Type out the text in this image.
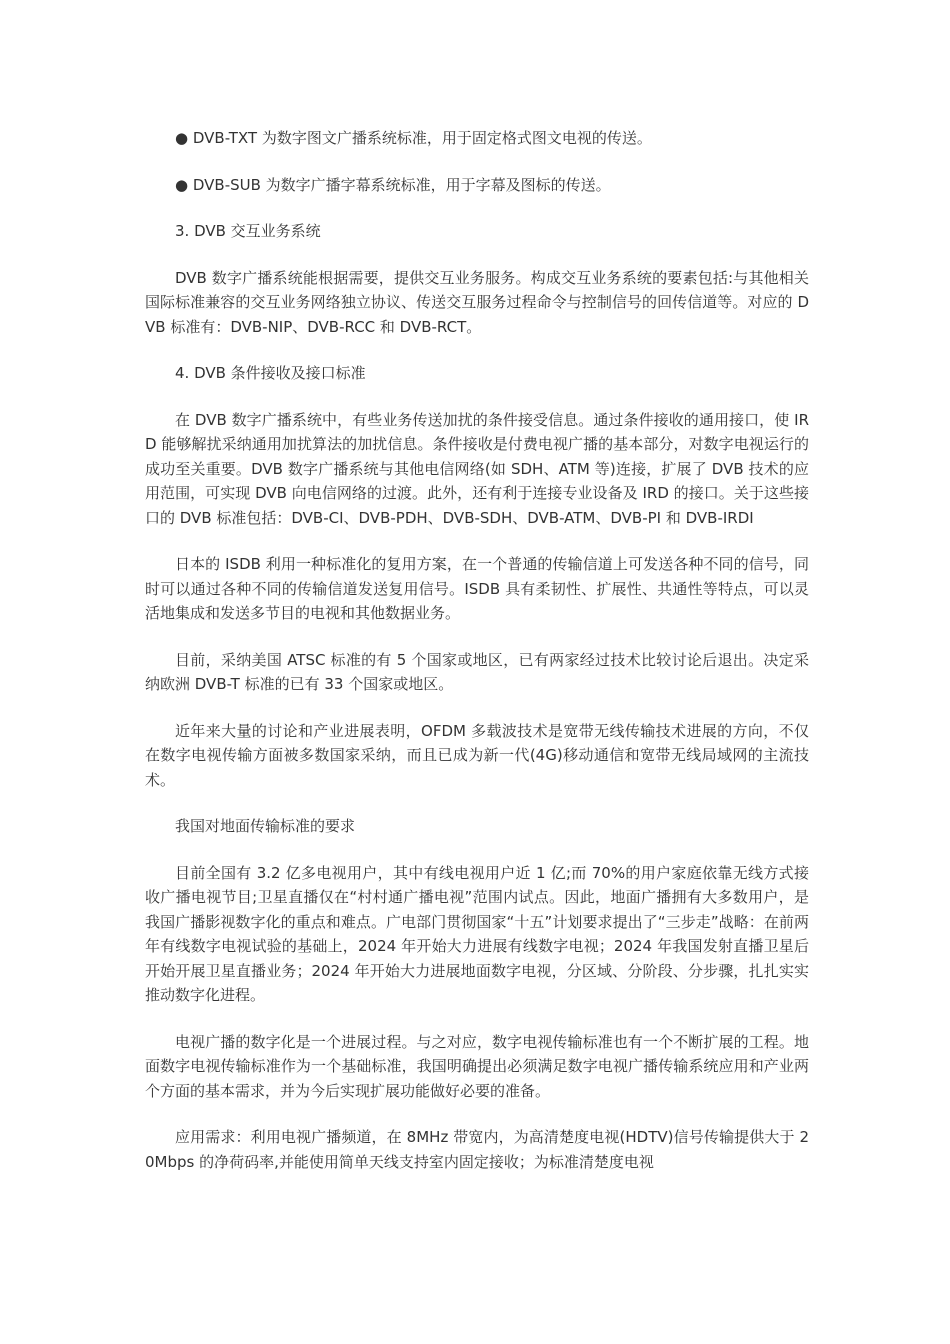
● DVB-TXT 为数字图文广播系统标准，用于固定格式图文电视的传送。

● DVB-SUB 为数字广播字幕系统标准，用于字幕及图标的传送。

3. DVB 交互业务系统

DVB 数字广播系统能根据需要，提供交互业务服务。构成交互业务系统的要素包括:与其他相关国际标准兼容的交互业务网络独立协议、传送交互服务过程命令与控制信号的回传信道等。对应的 DVB 标准有：DVB-NIP、DVB-RCC 和 DVB-RCT。

4. DVB 条件接收及接口标准

在 DVB 数字广播系统中，有些业务传送加扰的条件接受信息。通过条件接收的通用接口，使 IRD 能够解扰采纳通用加扰算法的加扰信息。条件接收是付费电视广播的基本部分，对数字电视运行的成功至关重要。DVB 数字广播系统与其他电信网络(如 SDH、ATM 等)连接，扩展了 DVB 技术的应用范围，可实现 DVB 向电信网络的过渡。此外，还有利于连接专业设备及 IRD 的接口。关于这些接口的 DVB 标准包括：DVB-CI、DVB-PDH、DVB-SDH、DVB-ATM、DVB-PI 和 DVB-IRDI

日本的 ISDB 利用一种标准化的复用方案，在一个普通的传输信道上可发送各种不同的信号，同时可以通过各种不同的传输信道发送复用信号。ISDB 具有柔韧性、扩展性、共通性等特点，可以灵活地集成和发送多节目的电视和其他数据业务。

目前，采纳美国 ATSC 标准的有 5 个国家或地区，已有两家经过技术比较讨论后退出。决定采纳欧洲 DVB-T 标准的已有 33 个国家或地区。

近年来大量的讨论和产业进展表明，OFDM 多载波技术是宽带无线传输技术进展的方向，不仅在数字电视传输方面被多数国家采纳，而且已成为新一代(4G)移动通信和宽带无线局域网的主流技术。

我国对地面传输标准的要求

目前全国有 3.2 亿多电视用户，其中有线电视用户近 1 亿;而 70%的用户家庭依靠无线方式接收广播电视节目;卫星直播仅在“村村通广播电视”范围内试点。因此，地面广播拥有大多数用户，是我国广播影视数字化的重点和难点。广电部门贯彻国家“十五”计划要求提出了“三步走”战略：在前两年有线数字电视试验的基础上，2024 年开始大力进展有线数字电视；2024 年我国发射直播卫星后开始开展卫星直播业务；2024 年开始大力进展地面数字电视，分区域、分阶段、分步骤，扎扎实实推动数字化进程。

电视广播的数字化是一个进展过程。与之对应，数字电视传输标准也有一个不断扩展的工程。地面数字电视传输标准作为一个基础标准，我国明确提出必须满足数字电视广播传输系统应用和产业两个方面的基本需求，并为今后实现扩展功能做好必要的准备。

应用需求：利用电视广播频道，在 8MHz 带宽内，为高清楚度电视(HDTV)信号传输提供大于 20Mbps 的净荷码率,并能使用简单天线支持室内固定接收；为标准清楚度电视
